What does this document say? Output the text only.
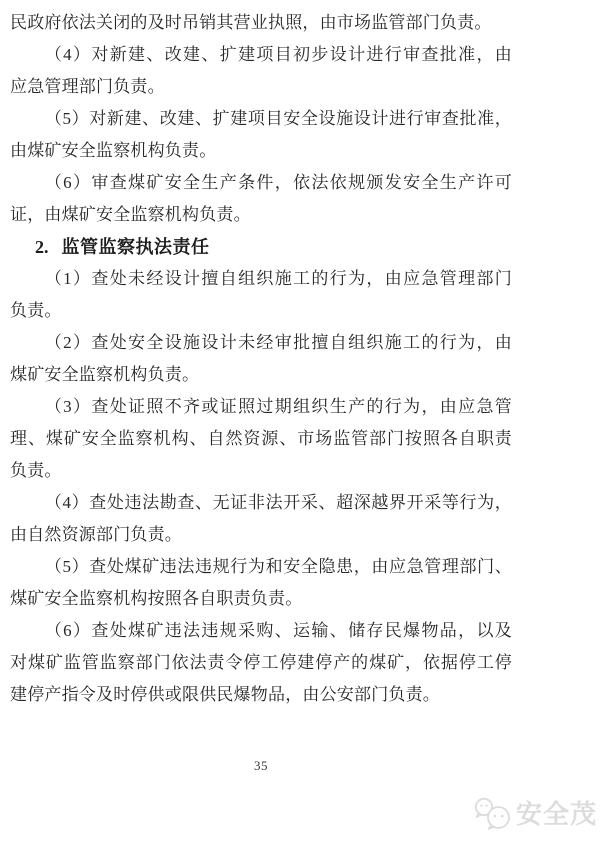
民政府依法关闭的及时吊销其营业执照，由市场监管部门负责。
（4）对新建、改建、扩建项目初步设计进行审查批准，由
应急管理部门负责。
（5）对新建、改建、扩建项目安全设施设计进行审查批准，
由煤矿安全监察机构负责。
（6）审查煤矿安全生产条件，依法依规颁发安全生产许可
证，由煤矿安全监察机构负责。
2. 监管监察执法责任
（1）查处未经设计擅自组织施工的行为，由应急管理部门
负责。
（2）查处安全设施设计未经审批擅自组织施工的行为，由
煤矿安全监察机构负责。
（3）查处证照不齐或证照过期组织生产的行为，由应急管
理、煤矿安全监察机构、自然资源、市场监管部门按照各自职责
负责。
（4）查处违法勘查、无证非法开采、超深越界开采等行为，
由自然资源部门负责。
（5）查处煤矿违法违规行为和安全隐患，由应急管理部门、
煤矿安全监察机构按照各自职责负责。
（6）查处煤矿违法违规采购、运输、储存民爆物品，以及
对煤矿监管监察部门依法责令停工停建停产的煤矿，依据停工停
建停产指令及时停供或限供民爆物品，由公安部门负责。
35
安全茂
